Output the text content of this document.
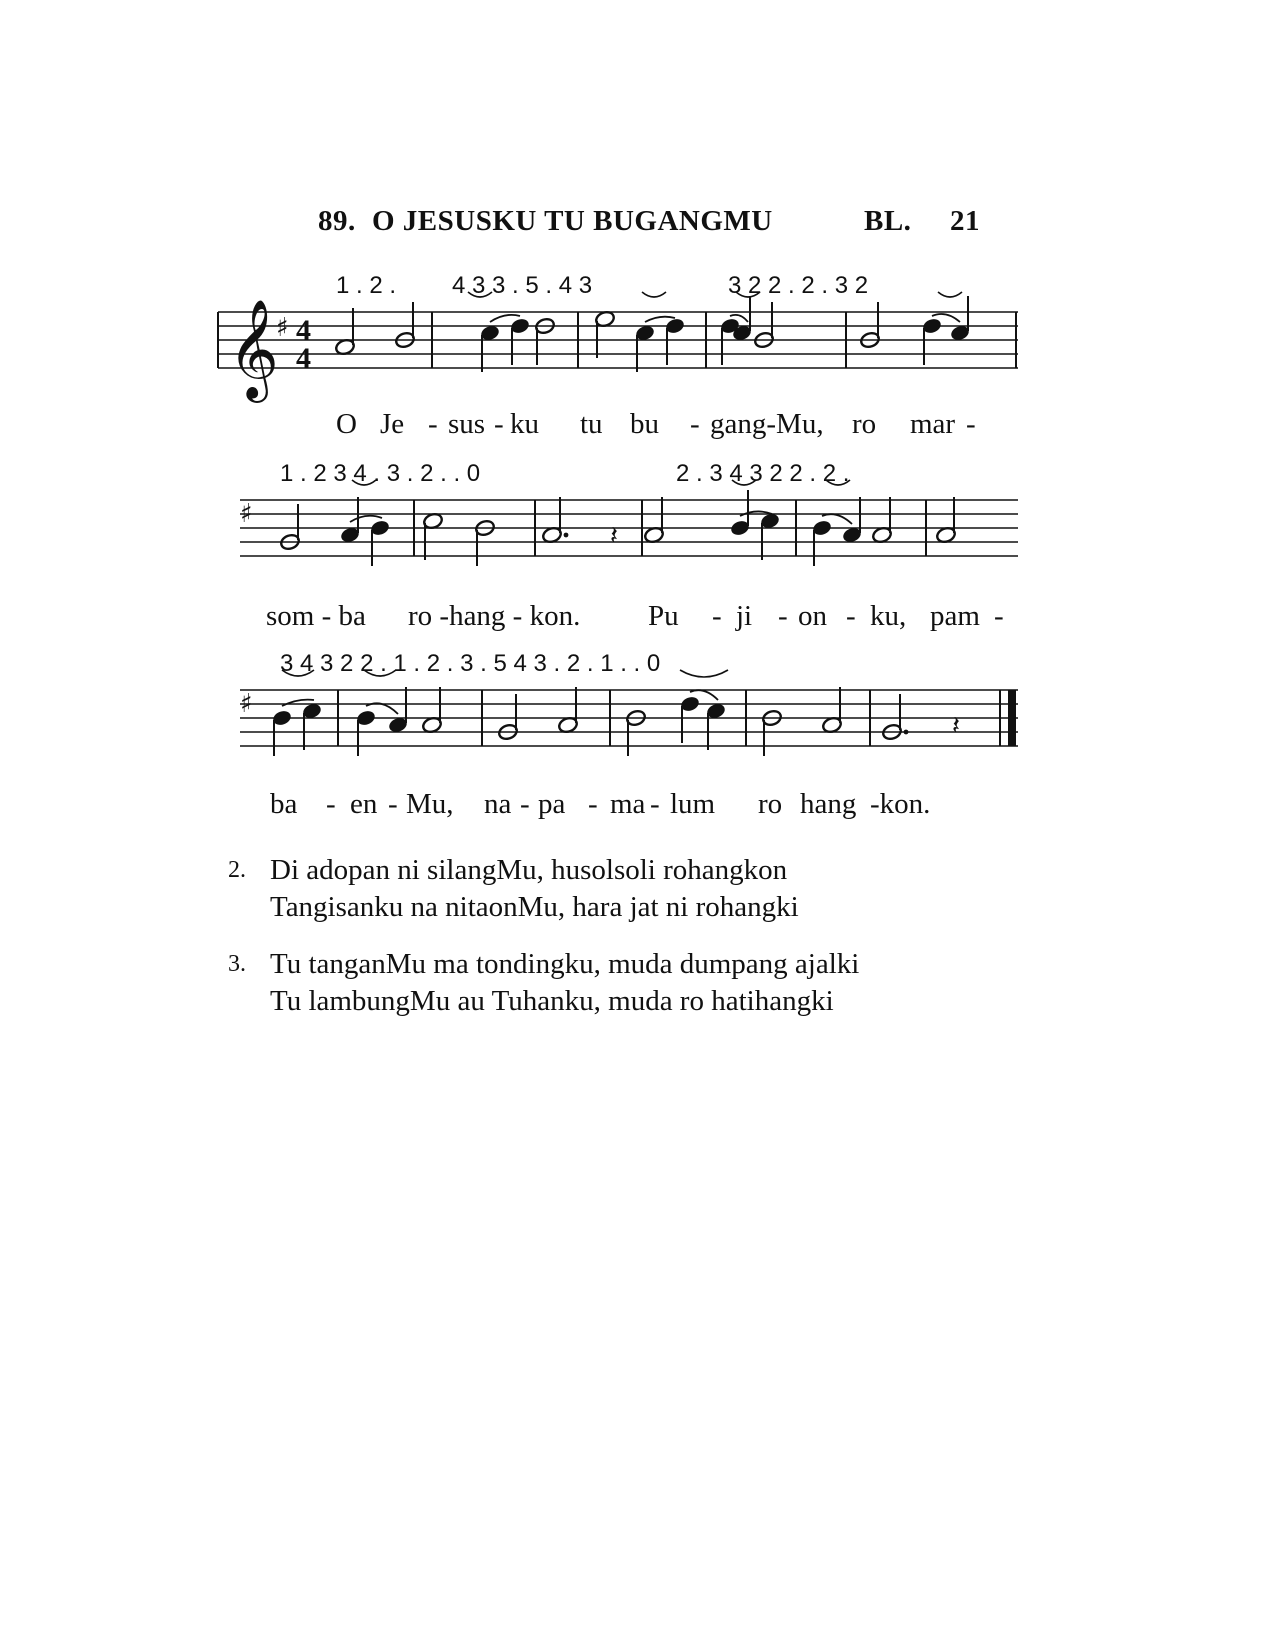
89. O JESUSKU TU BUGANGMU	BL. 21
1 . 2 . 4 3 3 . 5 . 4 3	3 2 2 . 2 . 3 2
𝄞
♯ 4
4
O Je - sus - ku tu bu - gang-Mu, ro mar -
1 . 2 3 4 . 3 . 2 . . 0	2 . 3 4 3 2 2 . 2 .
♯
𝄽
som - ba ro -hang - kon. Pu - ji - on - ku, pam -
3 4 3 2 2 . 1 . 2 . 3 . 5 4 3 . 2 . 1 . . 0
♯
𝄽
ba - en - Mu, na - pa - ma - lum ro hang -kon.
2. Di adopan ni silangMu, husolsoli rohangkon
Tangisanku na nitaonMu, hara jat ni rohangki
3. Tu tanganMu ma tondingku, muda dumpang ajalki
Tu lambungMu au Tuhanku, muda ro hatihangki
